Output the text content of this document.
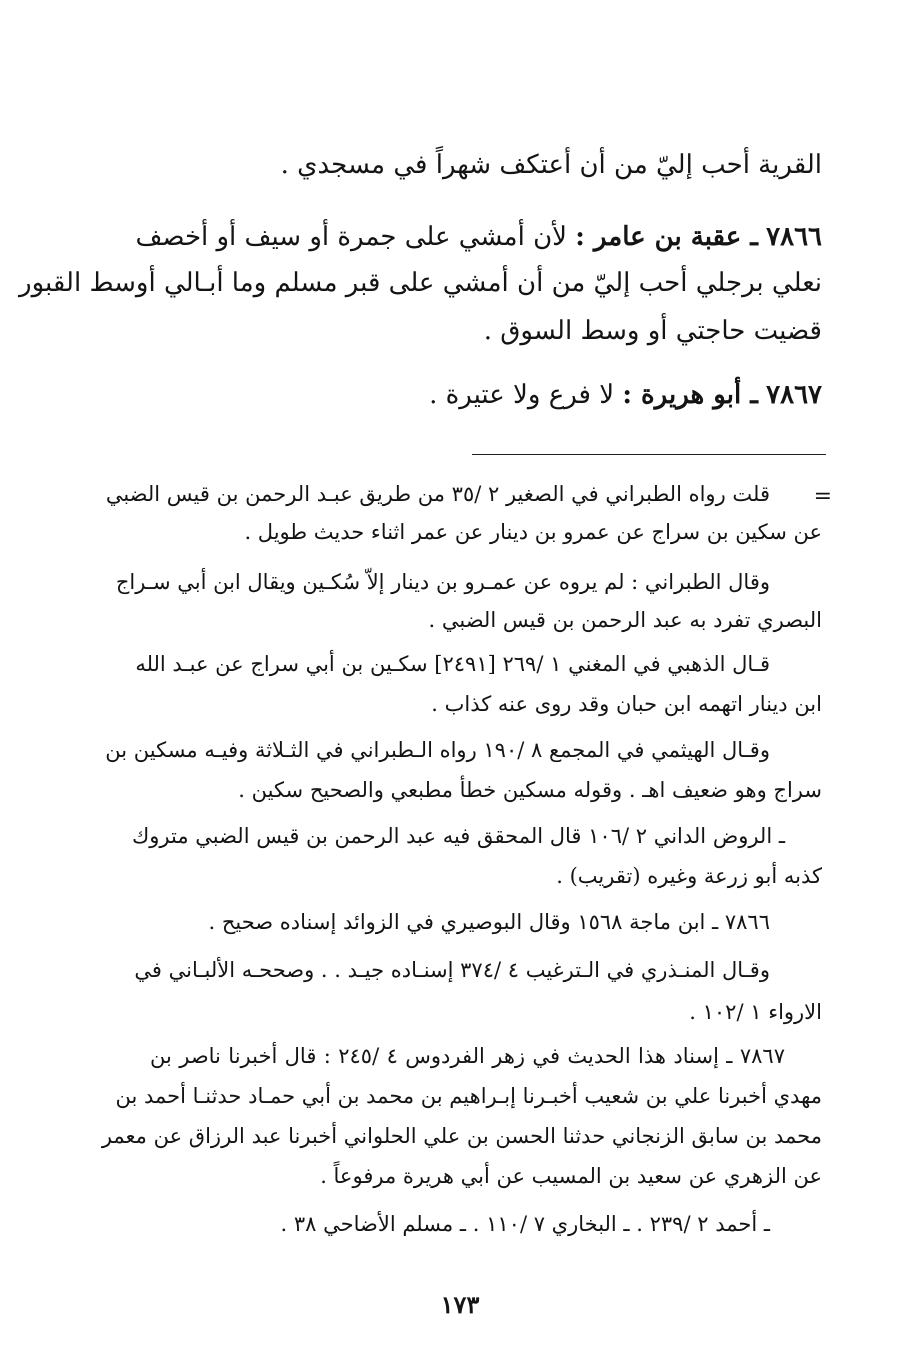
القرية أحب إليّ من أن أعتكف شهراً في مسجدي .
٧٨٦٦ ـ عقبة بن عامر : لأن أمشي على جمرة أو سيف أو أخصف
نعلي برجلي أحب إليّ من أن أمشي على قبر مسلم وما أبـالي أوسط القبور
قضيت حاجتي أو وسط السوق .
٧٨٦٧ ـ أبو هريرة : لا فرع ولا عتيرة .
=
قلت رواه الطبراني في الصغير ٢ /٣٥ من طريق عبـد الرحمن بن قيس الضبي
عن سكين بن سراج عن عمرو بن دينار عن عمر اثناء حديث طويل .
وقال الطبراني : لم يروه عن عمـرو بن دينار إلاّ سُكـين ويقال ابن أبي سـراج
البصري تفرد به عبد الرحمن بن قيس الضبي .
قـال الذهبي في المغني ١ /٢٦٩ [٢٤٩١] سكـين بن أبي سراج عن عبـد الله
ابن دينار اتهمه ابن حبان وقد روى عنه كذاب .
وقـال الهيثمي في المجمع ٨ /١٩٠ رواه الـطبراني في الثـلاثة وفيـه مسكين بن
سراج وهو ضعيف اهـ . وقوله مسكين خطأ مطبعي والصحيح سكين .
ـ الروض الداني ٢ /١٠٦ قال المحقق فيه عبد الرحمن بن قيس الضبي متروك
كذبه أبو زرعة وغيره (تقريب) .
٧٨٦٦ ـ ابن ماجة ١٥٦٨ وقال البوصيري في الزوائد إسناده صحيح .
وقـال المنـذري في الـترغيب ٤ /٣٧٤ إسنـاده جيـد . . وصححـه الألبـاني في
الارواء ١ /١٠٢ .
٧٨٦٧ ـ إسناد هذا الحديث في زهر الفردوس ٤ /٢٤٥ : قال أخبرنا ناصر بن
مهدي أخبرنا علي بن شعيب أخبـرنا إبـراهيم بن محمد بن أبي حمـاد حدثنـا أحمد بن
محمد بن سابق الزنجاني حدثنا الحسن بن علي الحلواني أخبرنا عبد الرزاق عن معمر
عن الزهري عن سعيد بن المسيب عن أبي هريرة مرفوعاً .
ـ أحمد ٢ /٢٣٩ . ـ البخاري ٧ /١١٠ . ـ مسلم الأضاحي ٣٨ .
١٧٣
